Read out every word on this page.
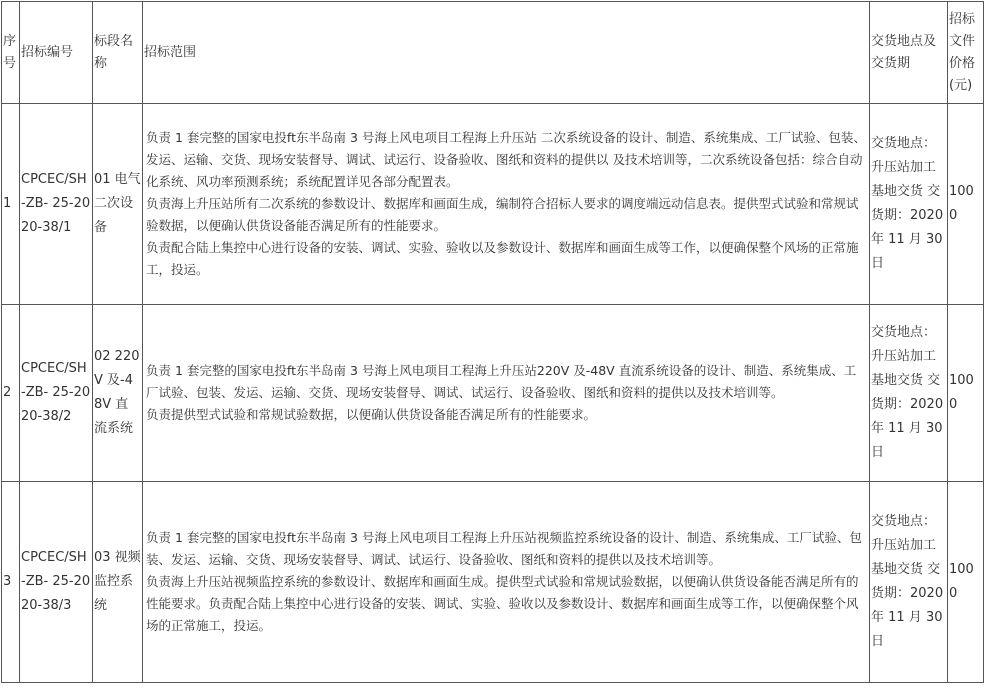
序号	招标编号	标段名称	招标范围	交货地点及交货期	招标文件价格(元)
1	CPCEC/SH-ZB- 25-2020-38/1	01 电气二次设备	负责 1 套完整的国家电投ft东半岛南 3 号海上风电项目工程海上升压站 二次系统设备的设计、制造、系统集成、工厂试验、包装、发运、运输、交货、现场安装督导、调试、试运行、设备验收、图纸和资料的提供以 及技术培训等，二次系统设备包括：综合自动化系统、风功率预测系统；系统配置详见各部分配置表。

负责海上升压站所有二次系统的参数设计、数据库和画面生成，编制符合招标人要求的调度端远动信息表。提供型式试验和常规试验数据，以便确认供货设备能否满足所有的性能要求。

负责配合陆上集控中心进行设备的安装、调试、实验、验收以及参数设计、数据库和画面生成等工作，以便确保整个风场的正常施工，投运。	交货地点：升压站加工基地交货 交货期：2020 年 11 月 30 日	1000
2	CPCEC/SH-ZB- 25-2020-38/2	02 220V 及-48V 直流系统	负责 1 套完整的国家电投ft东半岛南 3 号海上风电项目工程海上升压站220V 及-48V 直流系统设备的设计、制造、系统集成、工厂试验、包装、发运、运输、交货、现场安装督导、调试、试运行、设备验收、图纸和资料的提供以及技术培训等。

负责提供型式试验和常规试验数据，以便确认供货设备能否满足所有的性能要求。	交货地点：升压站加工基地交货 交货期：2020 年 11 月 30 日	1000
3	CPCEC/SH-ZB- 25-2020-38/3	03 视频监控系统	负责 1 套完整的国家电投ft东半岛南 3 号海上风电项目工程海上升压站视频监控系统设备的设计、制造、系统集成、工厂试验、包装、发运、运输、交货、现场安装督导、调试、试运行、设备验收、图纸和资料的提供以及技术培训等。

负责海上升压站视频监控系统的参数设计、数据库和画面生成。提供型式试验和常规试验数据，以便确认供货设备能否满足所有的性能要求。负责配合陆上集控中心进行设备的安装、调试、实验、验收以及参数设计、数据库和画面生成等工作，以便确保整个风场的正常施工，投运。	交货地点：升压站加工基地交货 交货期：2020 年 11 月 30 日	1000
